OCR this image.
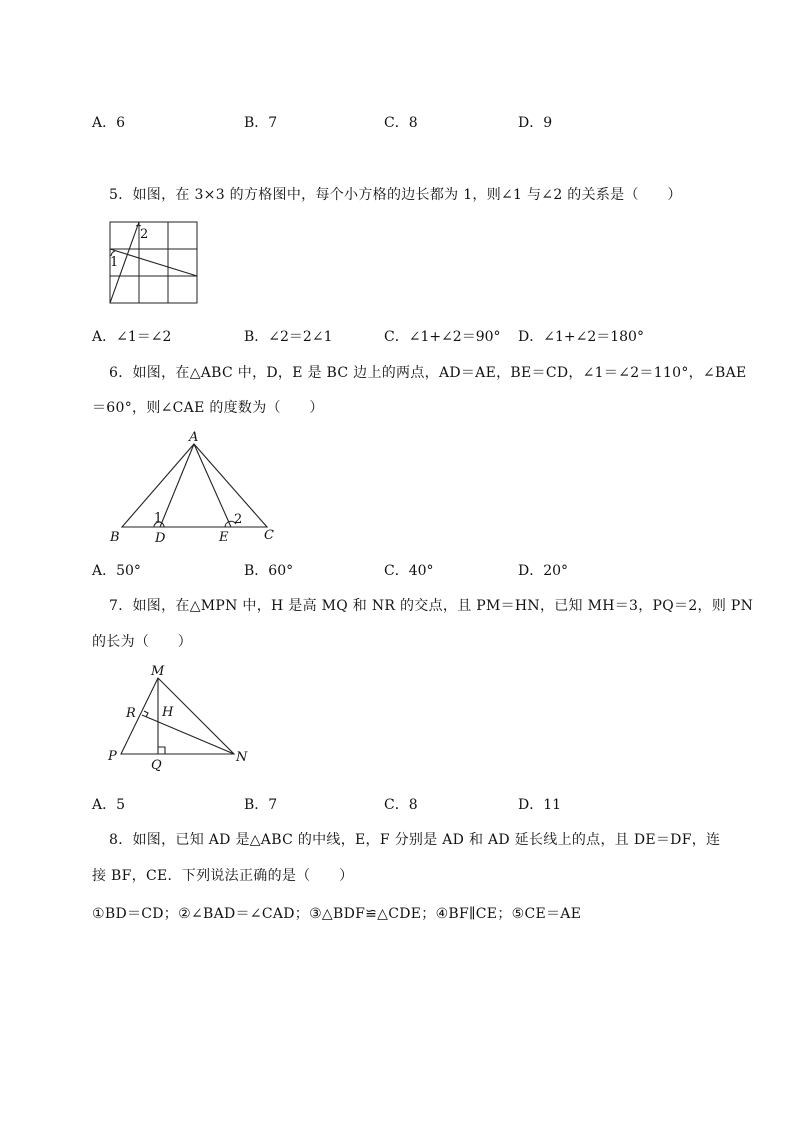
A．6	B．7	C．8	D．9
5．如图，在 3×3 的方格图中，每个小方格的边长都为 1，则∠1 与∠2 的关系是（　　）
2
1
A．∠1＝∠2	B．∠2＝2∠1	C．∠1+∠2＝90° D．∠1+∠2＝180°
6．如图，在△ABC 中，D，E 是 BC 边上的两点，AD＝AE，BE＝CD，∠1＝∠2＝110°，∠BAE
＝60°，则∠CAE 的度数为（　　）
A
B	C
D	E
1	2
A．50°	B．60°	C．40°	D．20°
7．如图，在△MPN 中，H 是高 MQ 和 NR 的交点，且 PM＝HN，已知 MH＝3，PQ＝2，则 PN
的长为（　　）
M
R H
P
Q
N
A．5	B．7	C．8	D．11
8．如图，已知 AD 是△ABC 的中线，E，F 分别是 AD 和 AD 延长线上的点，且 DE＝DF，连
接 BF，CE．下列说法正确的是（　　）
①BD＝CD；②∠BAD＝∠CAD；③△BDF≌△CDE；④BF∥CE；⑤CE＝AE
